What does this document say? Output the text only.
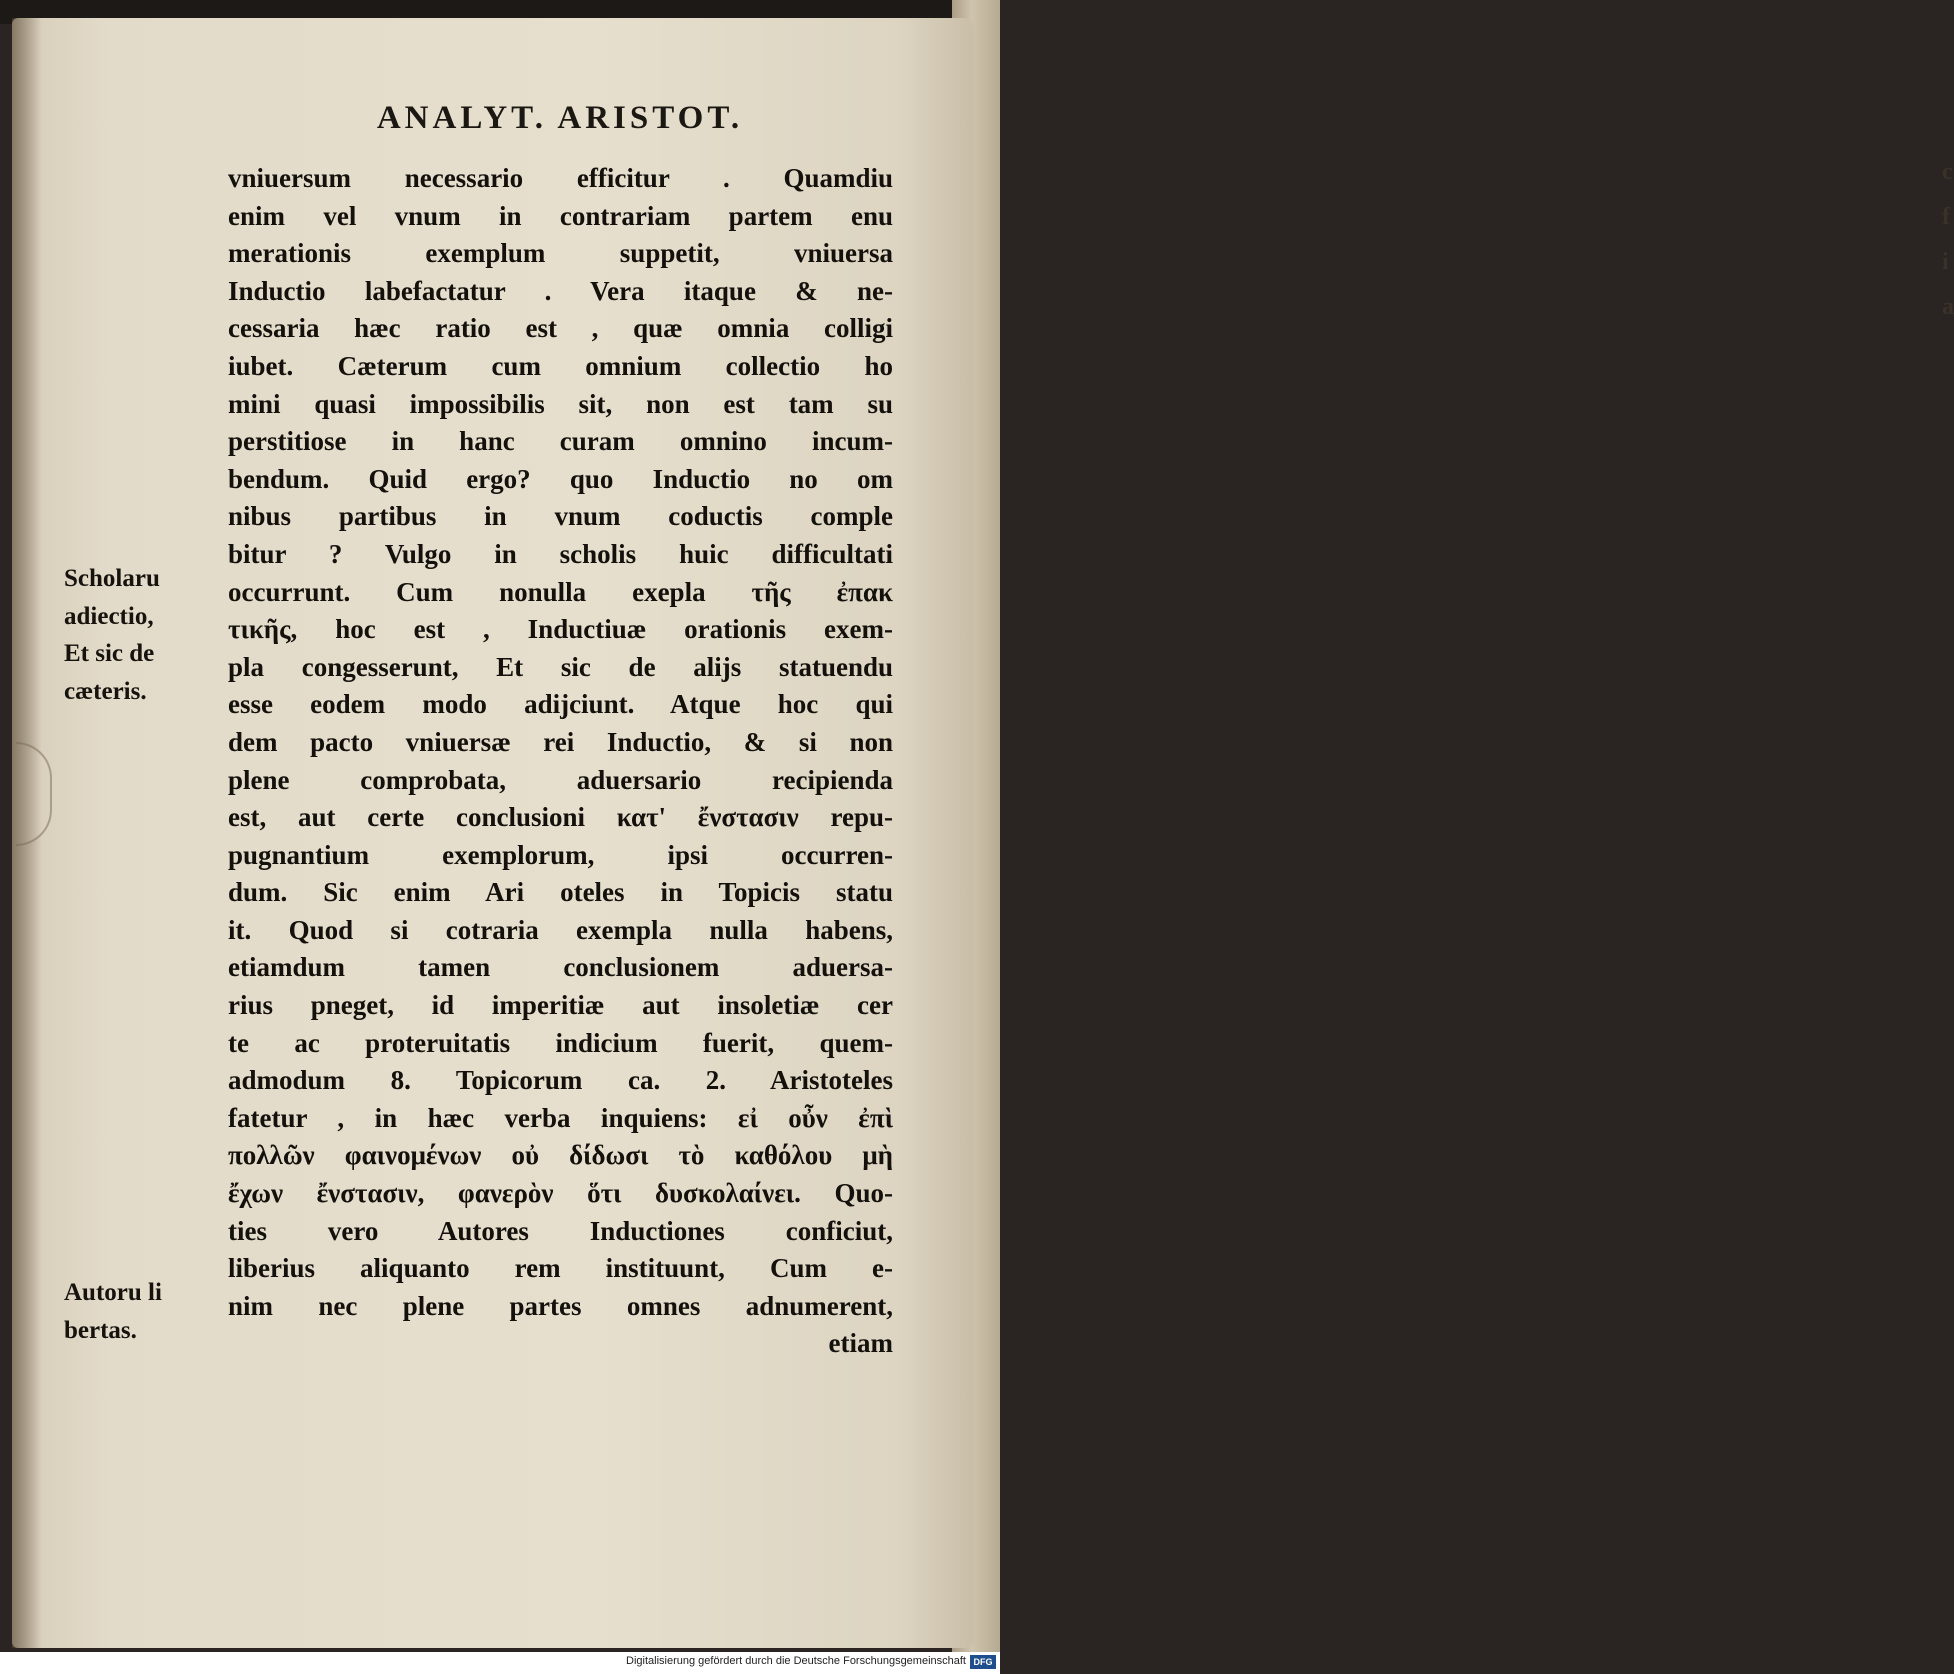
c
f
i
a
ANALYT. ARISTOT.
vniuersum necessario efficitur . Quamdiu
enim vel vnum in contrariam partem enu
merationis exemplum suppetit, vniuersa
Inductio labefactatur . Vera itaque & ne-
cessaria hæc ratio est , quæ omnia colligi
iubet. Cæterum cum omnium collectio ho
mini quasi impossibilis sit, non est tam su
perstitiose in hanc curam omnino incum-
bendum. Quid ergo? quo Inductio no om
nibus partibus in vnum coductis comple
bitur ? Vulgo in scholis huic difficultati
occurrunt. Cum nonulla exepla τῆς ἐπακ
τικῆς, hoc est , Inductiuæ orationis exem-
pla congesserunt, Et sic de alijs statuendu
esse eodem modo adijciunt. Atque hoc qui
dem pacto vniuersæ rei Inductio, & si non
plene comprobata, aduersario recipienda
est, aut certe conclusioni κατ' ἔνστασιν repu-
pugnantium exemplorum, ipsi occurren-
dum. Sic enim Ari oteles in Topicis statu
it. Quod si cotraria exempla nulla habens,
etiamdum tamen conclusionem aduersa-
rius pneget, id imperitiæ aut insoletiæ cer
te ac proteruitatis indicium fuerit, quem-
admodum 8. Topicorum ca. 2. Aristoteles
fatetur , in hæc verba inquiens: εἰ οὖν ἐπὶ
πολλῶν φαινομένων οὐ δίδωσι τὸ καθόλου μὴ
ἔχων ἔνστασιν, φανερὸν ὅτι δυσκολαίνει. Quo-
ties vero Autores Inductiones conficiut,
liberius aliquanto rem instituunt, Cum e-
nim nec plene partes omnes adnumerent,
etiam
Scholaru
adiectio,
Et sic de
cæteris.
Autoru li
bertas.
Digitalisierung gefördert durch die Deutsche Forschungsgemeinschaft DFG
